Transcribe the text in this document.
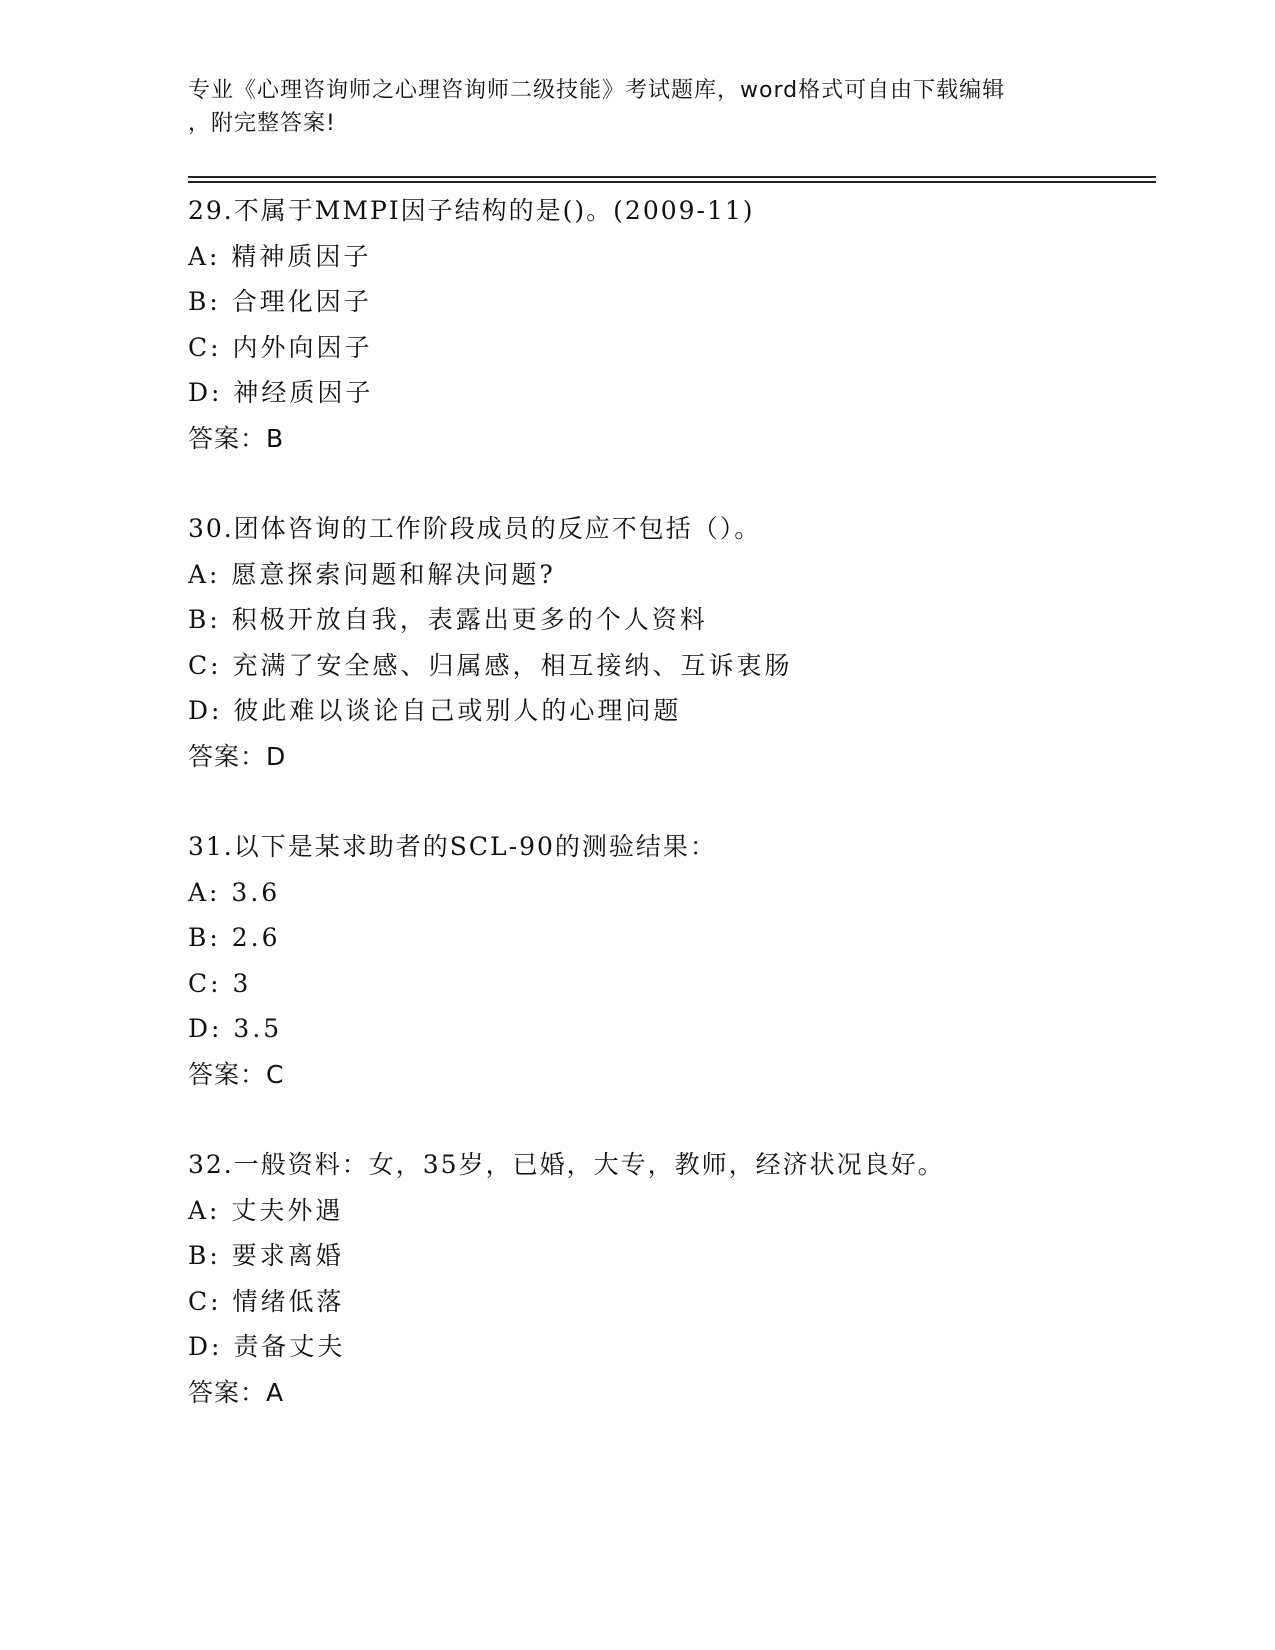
专业《心理咨询师之心理咨询师二级技能》考试题库，word格式可自由下载编辑
，附完整答案!
29.不属于MMPI因子结构的是()。(2009-11)
A: 精神质因子
B: 合理化因子
C: 内外向因子
D: 神经质因子
答案：B
30.团体咨询的工作阶段成员的反应不包括（）。
A: 愿意探索问题和解决问题?
B: 积极开放自我，表露出更多的个人资料
C: 充满了安全感、归属感，相互接纳、互诉衷肠
D: 彼此难以谈论自己或别人的心理问题
答案：D
31.以下是某求助者的SCL-90的测验结果：
A: 3.6
B: 2.6
C: 3
D: 3.5
答案：C
32.一般资料：女，35岁，已婚，大专，教师，经济状况良好。
A: 丈夫外遇
B: 要求离婚
C: 情绪低落
D: 责备丈夫
答案：A
